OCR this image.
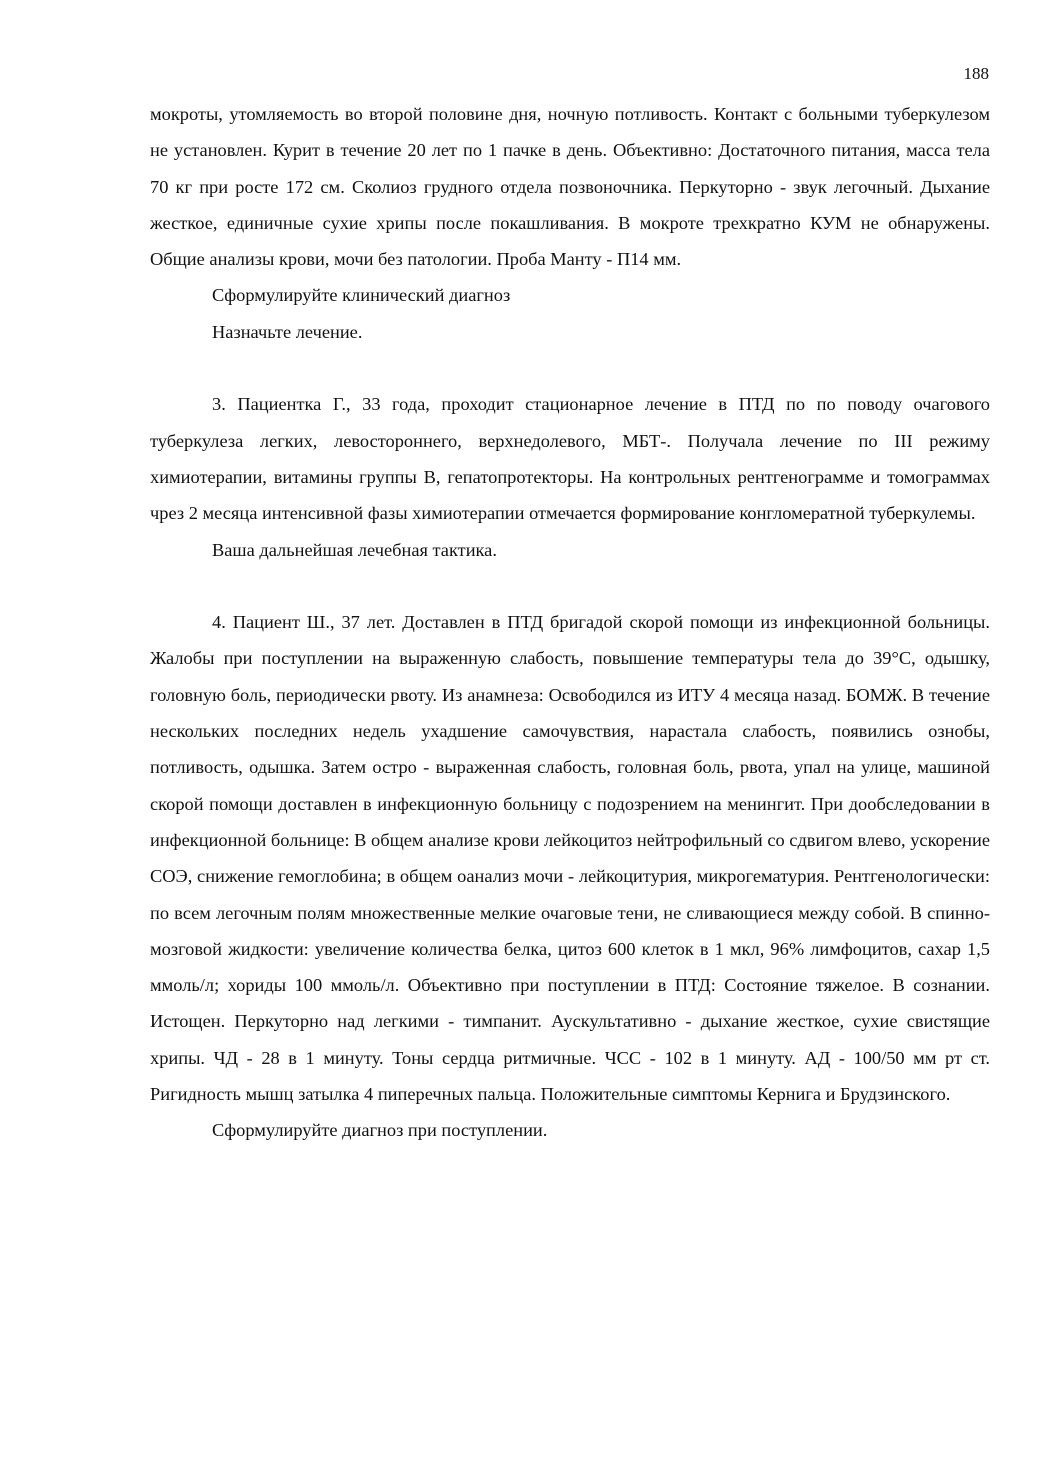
188

мокроты, утомляемость во второй половине дня, ночную потливость. Контакт с больными туберкулезом не установлен. Курит в течение 20 лет по 1 пачке в день. Объективно: Достаточного питания, масса тела 70 кг при росте 172 см. Сколиоз грудного отдела позвоночника. Перкуторно - звук легочный. Дыхание жесткое, единичные сухие хрипы после покашливания. В мокроте трехкратно КУМ не обнаружены. Общие анализы крови, мочи без патологии. Проба Манту - П14 мм.

Сформулируйте клинический диагноз

Назначьте лечение.

3. Пациентка Г., 33 года, проходит стационарное лечение в ПТД по по поводу очагового туберкулеза легких, левостороннего, верхнедолевого, МБТ-. Получала лечение по III режиму химиотерапии, витамины группы В, гепатопротекторы. На контрольных рентгенограмме и томограммах чрез 2 месяца интенсивной фазы химиотерапии отмечается формирование конгломератной туберкулемы.

Ваша дальнейшая лечебная тактика.

4. Пациент Ш., 37 лет. Доставлен в ПТД бригадой скорой помощи из инфекционной больницы. Жалобы при поступлении на выраженную слабость, повышение температуры тела до 39°С, одышку, головную боль, периодически рвоту. Из анамнеза: Освободился из ИТУ 4 месяца назад. БОМЖ. В течение нескольких последних недель ухадшение самочувствия, нарастала слабость, появились ознобы, потливость, одышка. Затем остро - выраженная слабость, головная боль, рвота, упал на улице, машиной скорой помощи доставлен в инфекционную больницу с подозрением на менингит. При дообследовании в инфекционной больнице: В общем анализе крови лейкоцитоз нейтрофильный со сдвигом влево, ускорение СОЭ, снижение гемоглобина; в общем оанализ мочи - лейкоцитурия, микрогематурия. Рентгенологически: по всем легочным полям множественные мелкие очаговые тени, не сливающиеся между собой. В спинно-мозговой жидкости: увеличение количества белка, цитоз 600 клеток в 1 мкл, 96% лимфоцитов, сахар 1,5 ммоль/л; хориды 100 ммоль/л. Объективно при поступлении в ПТД: Состояние тяжелое. В сознании. Истощен. Перкуторно над легкими - тимпанит. Аускультативно - дыхание жесткое, сухие свистящие хрипы. ЧД - 28 в 1 минуту. Тоны сердца ритмичные. ЧСС - 102 в 1 минуту. АД - 100/50 мм рт ст. Ригидность мышц затылка 4 пиперечных пальца. Положительные симптомы Кернига и Брудзинского.

Сформулируйте диагноз при поступлении.
